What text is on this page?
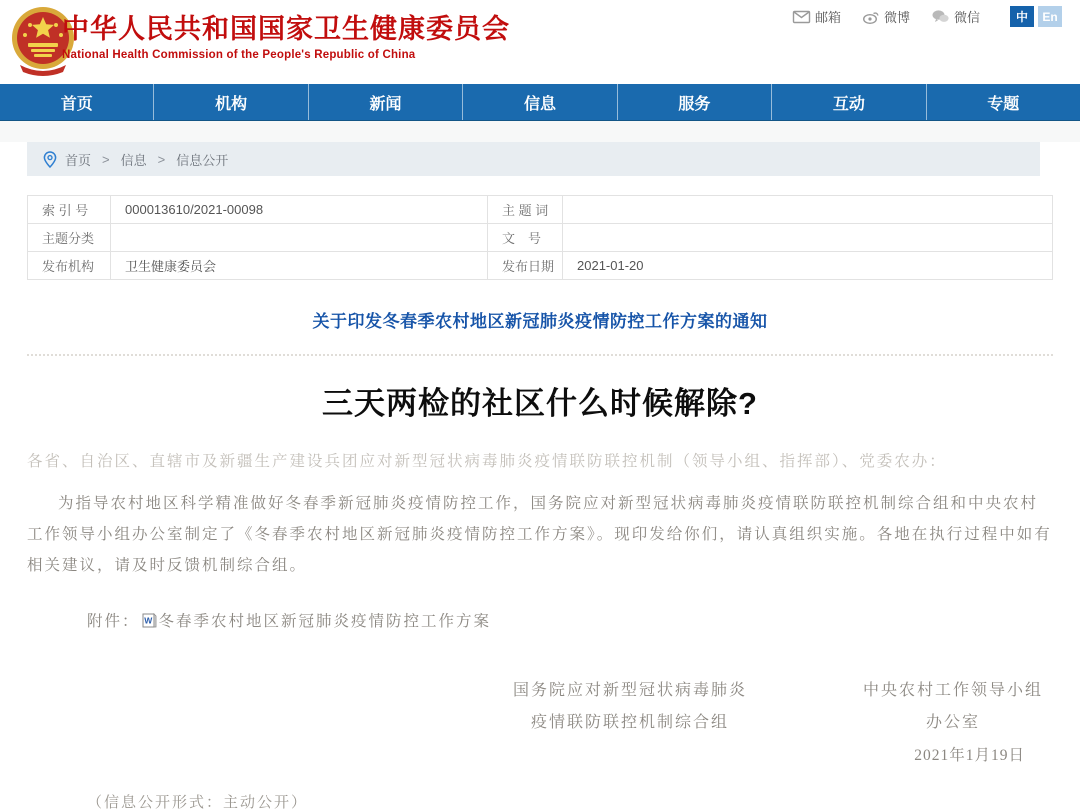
中华人民共和国国家卫生健康委员会
National Health Commission of the People's Republic of China
邮箱	微博	微信	中	En
首页	机构	新闻	信息	服务	互动	专题
首页 > 信息 > 信息公开
索 引 号	000013610/2021-00098	主 题 词	
主题分类		文　号	
发布机构	卫生健康委员会	发布日期	2021-01-20
关于印发冬春季农村地区新冠肺炎疫情防控工作方案的通知
三天两检的社区什么时候解除?
各省、自治区、直辖市及新疆生产建设兵团应对新型冠状病毒肺炎疫情联防联控机制（领导小组、指挥部）、党委农办：
为指导农村地区科学精准做好冬春季新冠肺炎疫情防控工作，国务院应对新型冠状病毒肺炎疫情联防联控机制综合组和中央农村工作领导小组办公室制定了《冬春季农村地区新冠肺炎疫情防控工作方案》。现印发给你们，请认真组织实施。各地在执行过程中如有相关建议，请及时反馈机制综合组。
附件： W 冬春季农村地区新冠肺炎疫情防控工作方案
国务院应对新型冠状病毒肺炎
疫情联防联控机制综合组
中央农村工作领导小组
办公室
2021年1月19日
（信息公开形式：主动公开）
